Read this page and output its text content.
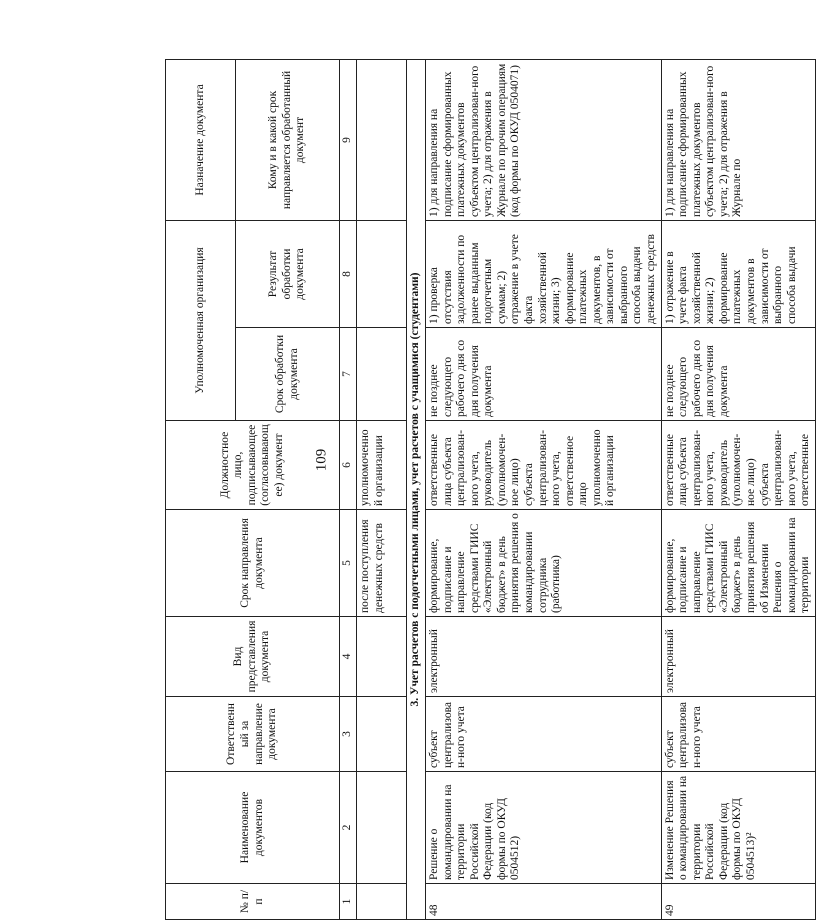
109
№ п/п	Наименование документов	Ответственный за направление документа	Вид представления документа	Срок направления документа	Должностное лицо, подписывающее (согласовывающее) документ	Уполномоченная организация		Назначение документа
						Срок обработки документа	Результат обработки документа	Кому и в какой срок направляется обработанный документ
1	2	3	4	5	6	7	8	9
				после поступления денежных средств	уполномоченной организации			
3. Учет расчетов с подотчетными лицами, учет расчетов с учащимися (студентами)								
48	Решение о командировании на территории Российской Федерации (код формы по ОКУД 0504512)	субъект централизован-ного учета	электронный	формирование, подписание и направление средствами ГИИС «Электронный бюджет» в день принятия решения о командировании сотрудника (работника)	ответственные лица субъекта централизован-ного учета, руководитель (уполномочен-ное лицо) субъекта централизован-ного учета, ответственное лицо уполномоченной организации	не позднее следующего рабочего дня со дня получения документа	1) проверка отсутствия задолженности по ранее выданным подотчетным суммам; 2) отражение в учете факта хозяйственной жизни; 3) формирование платежных документов, в зависимости от выбранного способа выдачи денежных средств	1) для направления на подписание сформированных платежных документов субъектом централизован-ного учета; 2) для отражения в Журнале по прочим операциям (код формы по ОКУД 0504071)
49	Изменение Решения о командировании на территории Российской Федерации (код формы по ОКУД 0504513)²	субъект централизован-ного учета	электронный	формирование, подписание и направление средствами ГИИС «Электронный бюджет» в день принятия решения об Изменении Решения о командировании на территории	ответственные лица субъекта централизован-ного учета, руководитель (уполномочен-ное лицо) субъекта централизован-ного учета, ответственные	не позднее следующего рабочего дня со дня получения документа	1) отражение в учете факта хозяйственной жизни; 2) формирование платежных документов в зависимости от выбранного способа выдачи	1) для направления на подписание сформированных платежных документов субъектом централизован-ного учета; 2) для отражения в Журнале по
